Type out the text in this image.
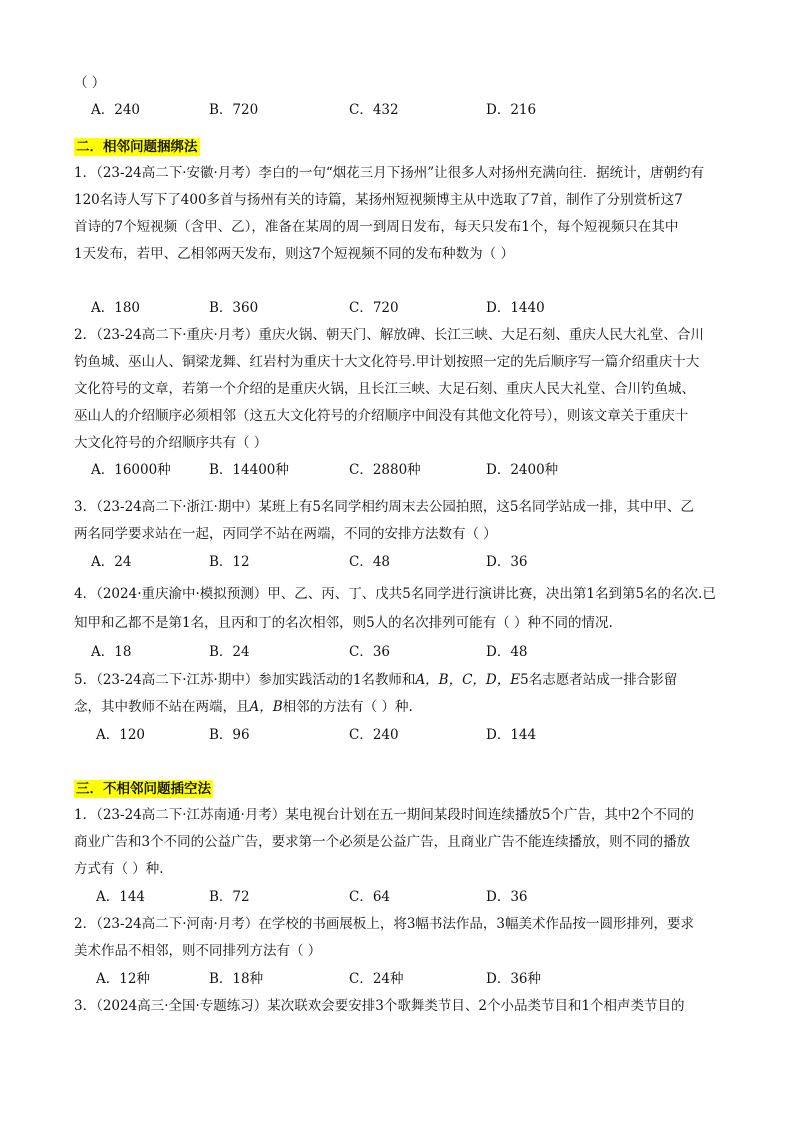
（ ）
A．240	B．720	C．432	D．216
二．相邻问题捆绑法
1．（23-24高二下·安徽·月考）李白的一句“烟花三月下扬州”让很多人对扬州充满向往．据统计，唐朝约有
120名诗人写下了400多首与扬州有关的诗篇，某扬州短视频博主从中选取了7首，制作了分别赏析这7
首诗的7个短视频（含甲、乙），准备在某周的周一到周日发布，每天只发布1个，每个短视频只在其中
1天发布，若甲、乙相邻两天发布，则这7个短视频不同的发布种数为（ ）
A．180	B．360	C．720	D．1440
2．（23-24高二下·重庆·月考）重庆火锅、朝天门、解放碑、长江三峡、大足石刻、重庆人民大礼堂、合川
钓鱼城、巫山人、铜梁龙舞、红岩村为重庆十大文化符号.甲计划按照一定的先后顺序写一篇介绍重庆十大
文化符号的文章，若第一个介绍的是重庆火锅，且长江三峡、大足石刻、重庆人民大礼堂、合川钓鱼城、
巫山人的介绍顺序必须相邻（这五大文化符号的介绍顺序中间没有其他文化符号），则该文章关于重庆十
大文化符号的介绍顺序共有（ ）
A．16000种	B．14400种	C．2880种	D．2400种
3．（23-24高二下·浙江·期中）某班上有5名同学相约周末去公园拍照，这5名同学站成一排，其中甲、乙
两名同学要求站在一起，丙同学不站在两端，不同的安排方法数有（ ）
A．24	B．12	C．48	D．36
4．（2024·重庆渝中·模拟预测）甲、乙、丙、丁、戊共5名同学进行演讲比赛，决出第1名到第5名的名次.已
知甲和乙都不是第1名，且丙和丁的名次相邻，则5人的名次排列可能有（ ）种不同的情况.
A．18	B．24	C．36	D．48
5．（23-24高二下·江苏·期中）参加实践活动的1名教师和A，B，C，D，E5名志愿者站成一排合影留
念，其中教师不站在两端，且A，B相邻的方法有（ ）种.
A．120	B．96	C．240	D．144
三．不相邻问题插空法
1．（23-24高二下·江苏南通·月考）某电视台计划在五一期间某段时间连续播放5个广告，其中2个不同的
商业广告和3个不同的公益广告，要求第一个必须是公益广告，且商业广告不能连续播放，则不同的播放
方式有（ ）种.
A．144	B．72	C．64	D．36
2．（23-24高二下·河南·月考）在学校的书画展板上，将3幅书法作品，3幅美术作品按一圆形排列，要求
美术作品不相邻，则不同排列方法有（ ）
A．12种	B．18种	C．24种	D．36种
3．（2024高三·全国·专题练习）某次联欢会要安排3个歌舞类节目、2个小品类节目和1个相声类节目的
